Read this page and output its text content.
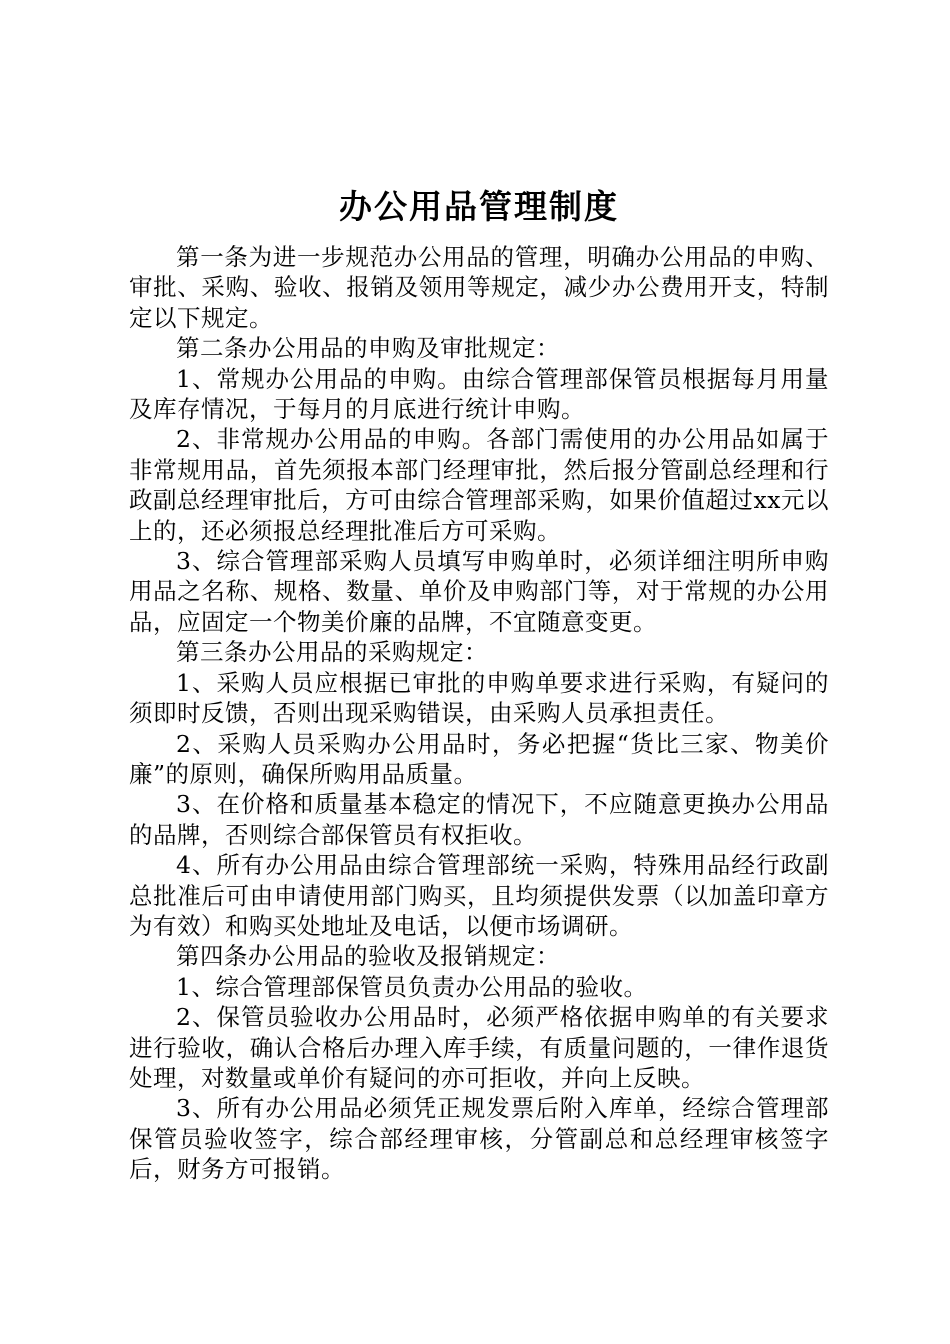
办公用品管理制度

第一条为进一步规范办公用品的管理，明确办公用品的申购、审批、采购、验收、报销及领用等规定，减少办公费用开支，特制定以下规定。

第二条办公用品的申购及审批规定：

1、常规办公用品的申购。由综合管理部保管员根据每月用量及库存情况，于每月的月底进行统计申购。

2、非常规办公用品的申购。各部门需使用的办公用品如属于非常规用品，首先须报本部门经理审批，然后报分管副总经理和行政副总经理审批后，方可由综合管理部采购，如果价值超过xx元以上的，还必须报总经理批准后方可采购。

3、综合管理部采购人员填写申购单时，必须详细注明所申购用品之名称、规格、数量、单价及申购部门等，对于常规的办公用品，应固定一个物美价廉的品牌，不宜随意变更。

第三条办公用品的采购规定：

1、采购人员应根据已审批的申购单要求进行采购，有疑问的须即时反馈，否则出现采购错误，由采购人员承担责任。

2、采购人员采购办公用品时，务必把握“货比三家、物美价廉”的原则，确保所购用品质量。

3、在价格和质量基本稳定的情况下，不应随意更换办公用品的品牌，否则综合部保管员有权拒收。

4、所有办公用品由综合管理部统一采购，特殊用品经行政副总批准后可由申请使用部门购买，且均须提供发票（以加盖印章方为有效）和购买处地址及电话，以便市场调研。

第四条办公用品的验收及报销规定：

1、综合管理部保管员负责办公用品的验收。

2、保管员验收办公用品时，必须严格依据申购单的有关要求进行验收，确认合格后办理入库手续，有质量问题的，一律作退货处理，对数量或单价有疑问的亦可拒收，并向上反映。

3、所有办公用品必须凭正规发票后附入库单，经综合管理部保管员验收签字，综合部经理审核，分管副总和总经理审核签字后，财务方可报销。
